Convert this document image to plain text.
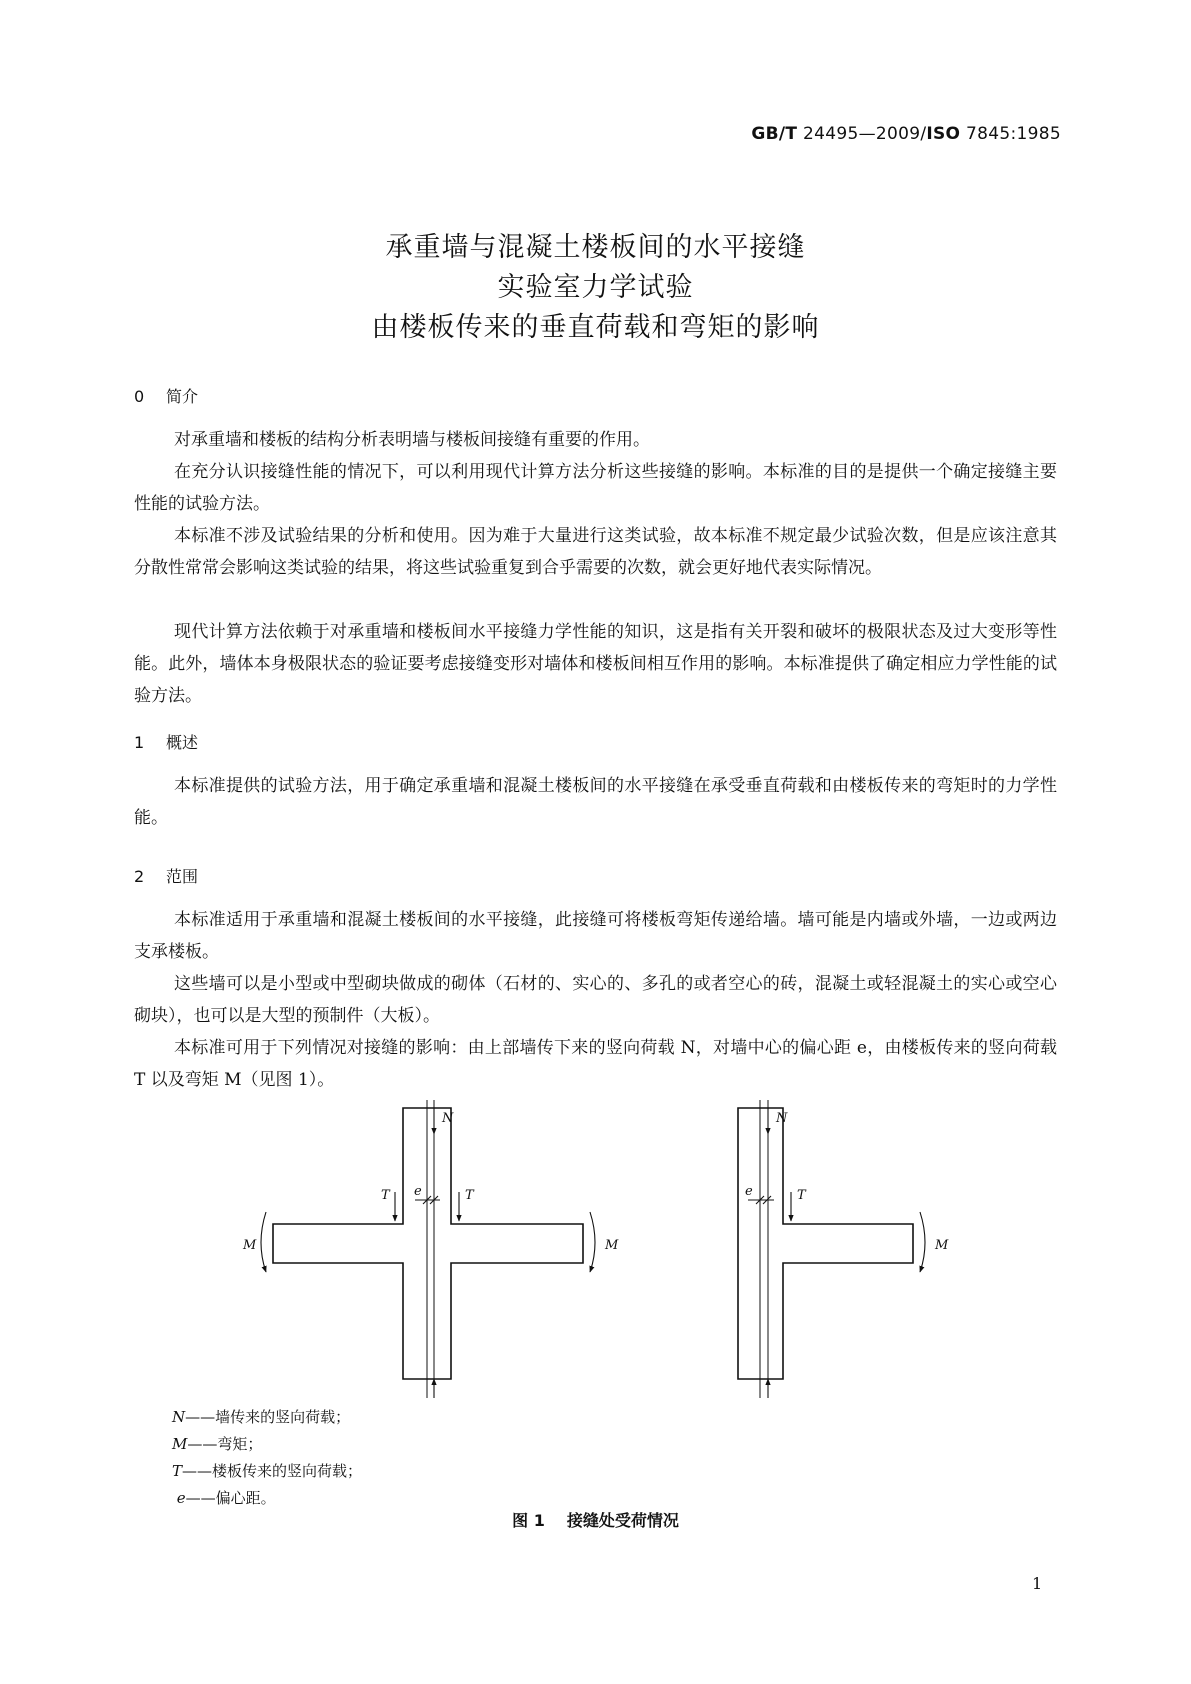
GB/T 24495—2009/ISO 7845:1985
承重墙与混凝土楼板间的水平接缝
实验室力学试验
由楼板传来的垂直荷载和弯矩的影响
0 简介

对承重墙和楼板的结构分析表明墙与楼板间接缝有重要的作用。

在充分认识接缝性能的情况下，可以利用现代计算方法分析这些接缝的影响。本标准的目的是提供一个确定接缝主要性能的试验方法。

本标准不涉及试验结果的分析和使用。因为难于大量进行这类试验，故本标准不规定最少试验次数，但是应该注意其分散性常常会影响这类试验的结果，将这些试验重复到合乎需要的次数，就会更好地代表实际情况。

现代计算方法依赖于对承重墙和楼板间水平接缝力学性能的知识，这是指有关开裂和破坏的极限状态及过大变形等性能。此外，墙体本身极限状态的验证要考虑接缝变形对墙体和楼板间相互作用的影响。本标准提供了确定相应力学性能的试验方法。

1 概述

本标准提供的试验方法，用于确定承重墙和混凝土楼板间的水平接缝在承受垂直荷载和由楼板传来的弯矩时的力学性能。

2 范围

本标准适用于承重墙和混凝土楼板间的水平接缝，此接缝可将楼板弯矩传递给墙。墙可能是内墙或外墙，一边或两边支承楼板。

这些墙可以是小型或中型砌块做成的砌体（石材的、实心的、多孔的或者空心的砖，混凝土或轻混凝土的实心或空心砌块），也可以是大型的预制件（大板）。

本标准可用于下列情况对接缝的影响：由上部墙传下来的竖向荷载 N，对墙中心的偏心距 e，由楼板传来的竖向荷载 T 以及弯矩 M（见图 1）。

N
T e	T
M	M
N
e	T
M
N——墙传来的竖向荷载；
M——弯矩；
T——楼板传来的竖向荷载；
e——偏心距。
图 1 接缝处受荷情况
1
